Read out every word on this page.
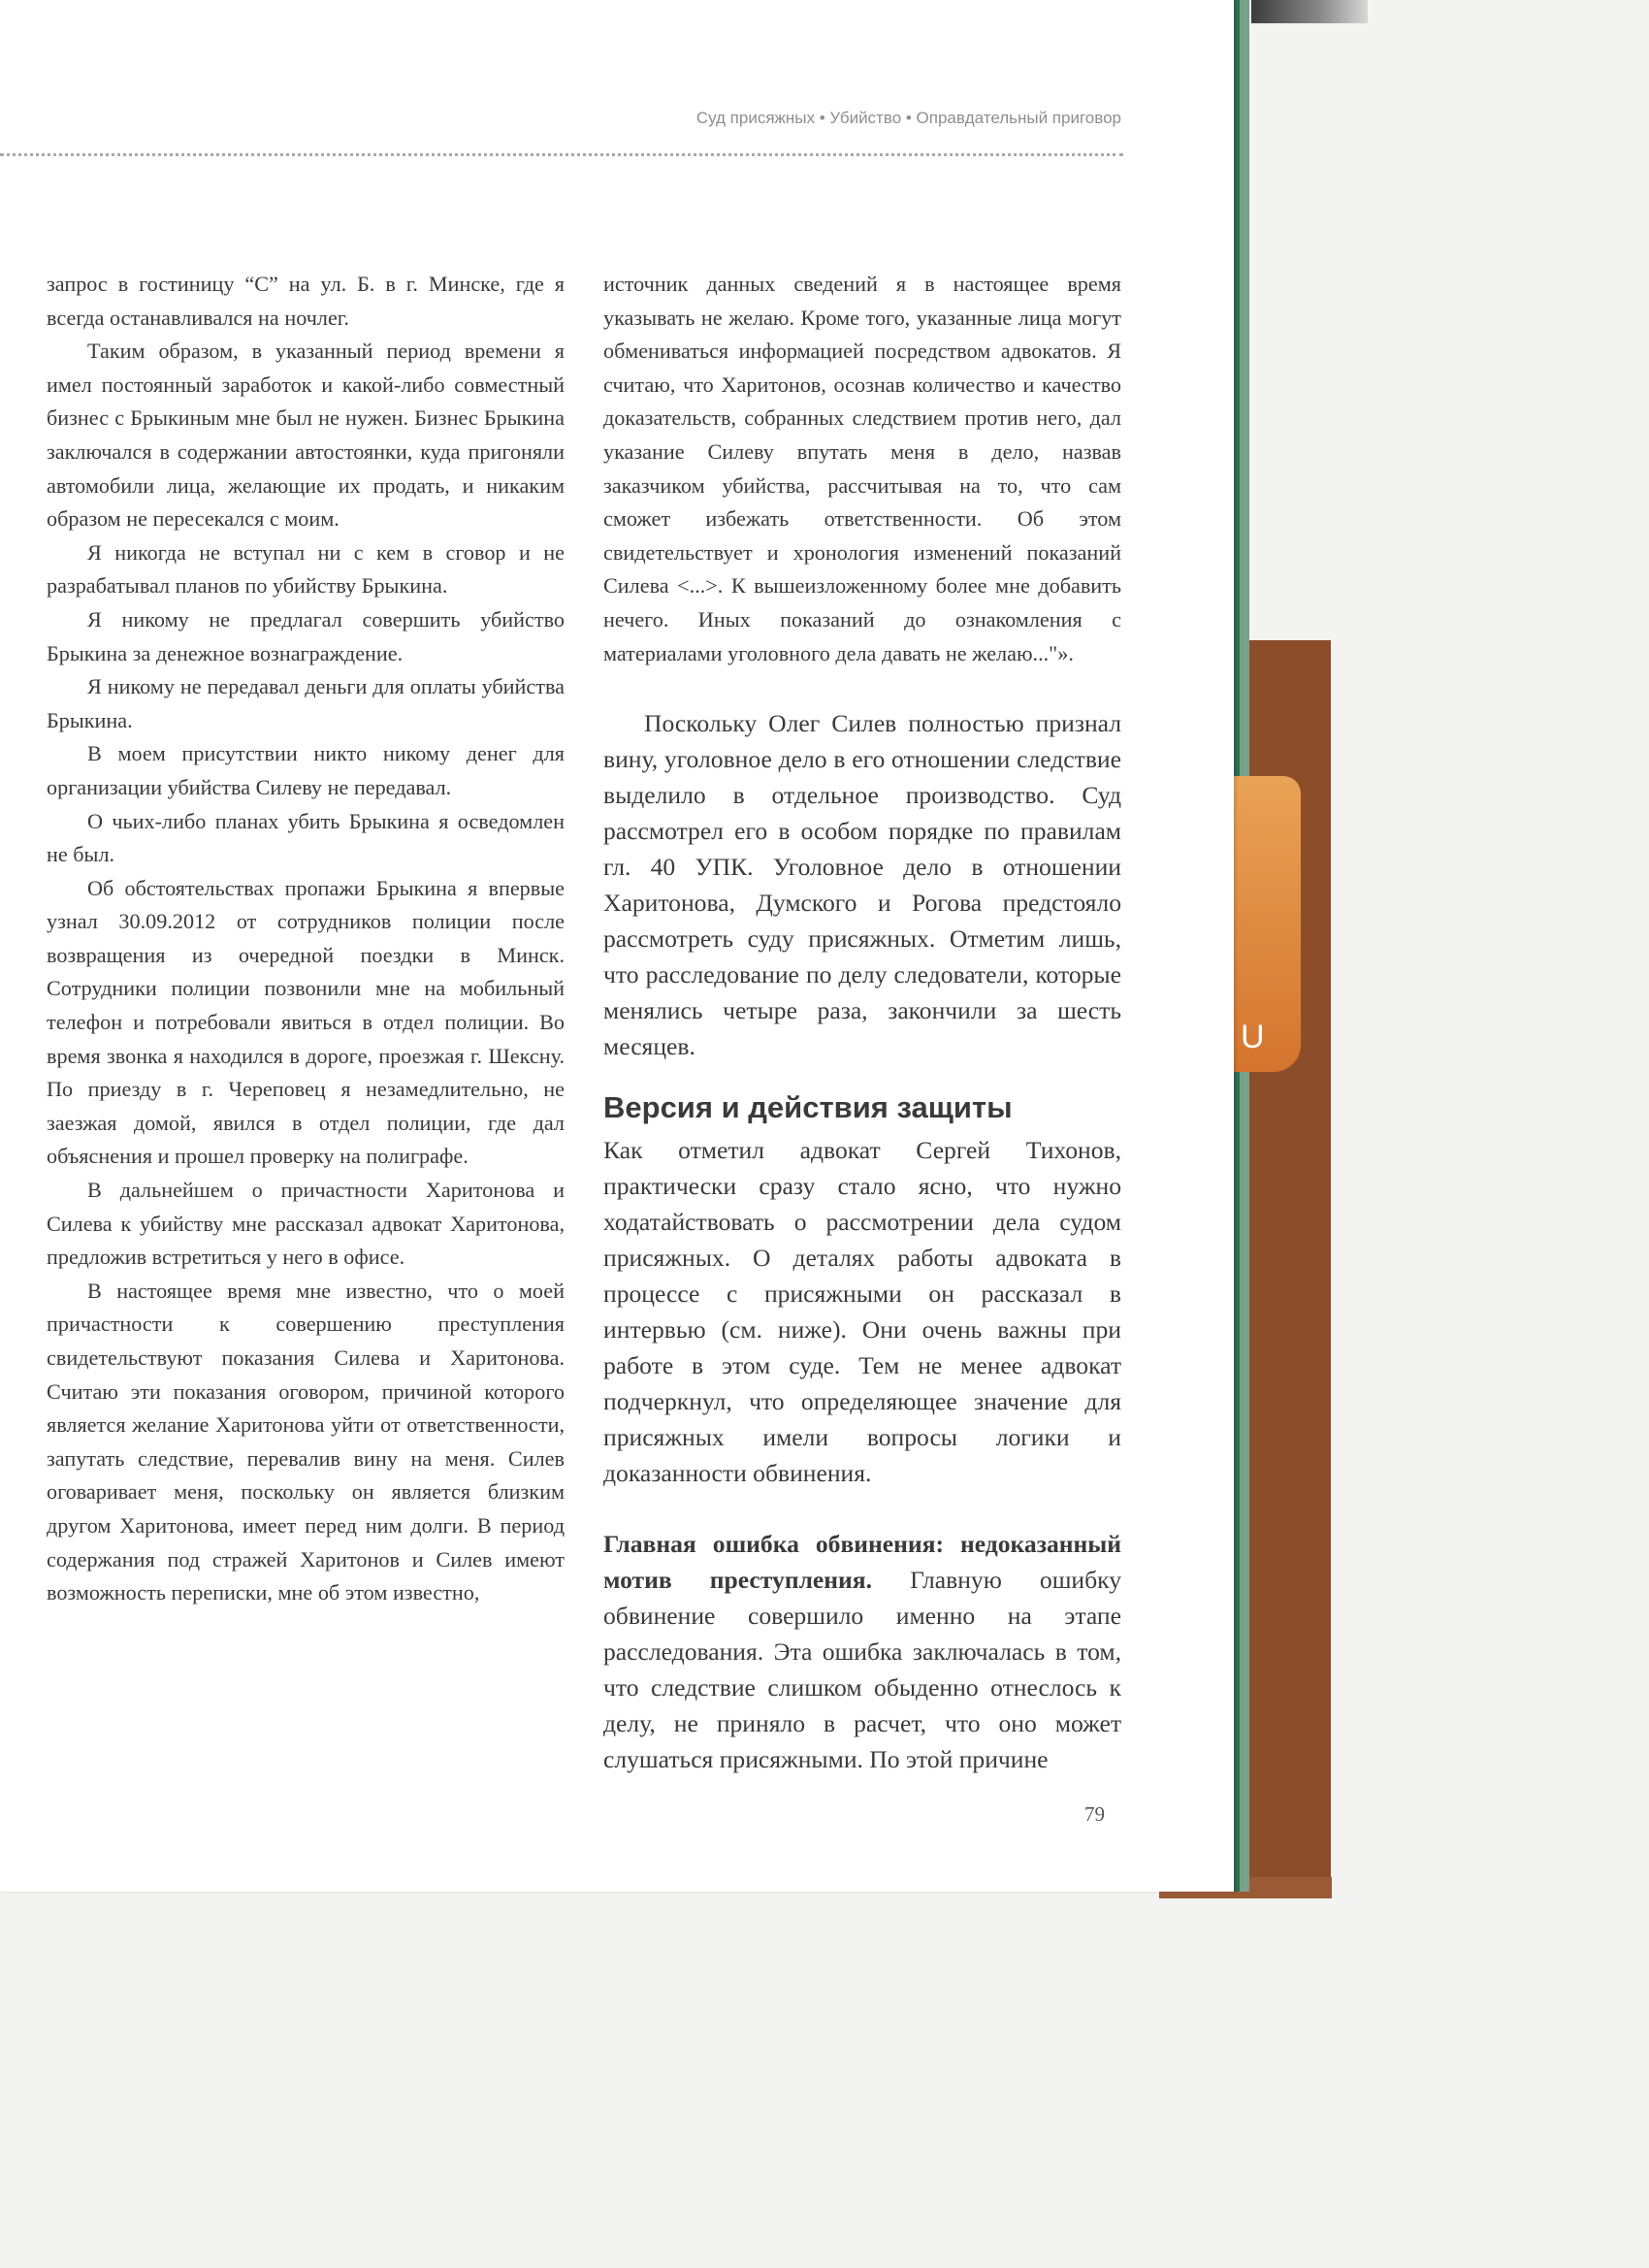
U
Суд присяжных • Убийство • Оправдательный приговор

запрос в гостиницу “С” на ул. Б. в г. Минске, где я всегда останавливался на ночлег.

Таким образом, в указанный период времени я имел постоянный заработок и какой-либо совместный бизнес с Брыкиным мне был не нужен. Бизнес Брыкина заключался в содержании автостоянки, куда пригоняли автомобили лица, желающие их продать, и никаким образом не пересекался с моим.

Я никогда не вступал ни с кем в сговор и не разрабатывал планов по убийству Брыкина.

Я никому не предлагал совершить убийство Брыкина за денежное вознаграждение.

Я никому не передавал деньги для оплаты убийства Брыкина.

В моем присутствии никто никому денег для организации убийства Силеву не передавал.

О чьих-либо планах убить Брыкина я осведомлен не был.

Об обстоятельствах пропажи Брыкина я впервые узнал 30.09.2012 от сотрудников полиции после возвращения из очередной поездки в Минск. Сотрудники полиции позвонили мне на мобильный телефон и потребовали явиться в отдел полиции. Во время звонка я находился в дороге, проезжая г. Шексну. По приезду в г. Череповец я незамедлительно, не заезжая домой, явился в отдел полиции, где дал объяснения и прошел проверку на полиграфе.

В дальнейшем о причастности Харитонова и Силева к убийству мне рассказал адвокат Харитонова, предложив встретиться у него в офисе.

В настоящее время мне известно, что о моей причастности к совершению преступления свидетельствуют показания Силева и Харитонова. Считаю эти показания оговором, причиной которого является желание Харитонова уйти от ответственности, запутать следствие, перевалив вину на меня. Силев оговаривает меня, поскольку он является близким другом Харитонова, имеет перед ним долги. В период содержания под стражей Харитонов и Силев имеют возможность переписки, мне об этом известно,

источник данных сведений я в настоящее время указывать не желаю. Кроме того, указанные лица могут обмениваться информацией посредством адвокатов. Я считаю, что Харитонов, осознав количество и качество доказательств, собранных следствием против него, дал указание Силеву впутать меня в дело, назвав заказчиком убийства, рассчитывая на то, что сам сможет избежать ответственности. Об этом свидетельствует и хронология изменений показаний Силева <...>. К вышеизложенному более мне добавить нечего. Иных показаний до ознакомления с материалами уголовного дела давать не желаю..."».

Поскольку Олег Силев полностью признал вину, уголовное дело в его отношении следствие выделило в отдельное производство. Суд рассмотрел его в особом порядке по правилам гл. 40 УПК. Уголовное дело в отношении Харитонова, Думского и Рогова предстояло рассмотреть суду присяжных. Отметим лишь, что расследование по делу следователи, которые менялись четыре раза, закончили за шесть месяцев.

Версия и действия защиты

Как отметил адвокат Сергей Тихонов, практически сразу стало ясно, что нужно ходатайствовать о рассмотрении дела судом присяжных. О деталях работы адвоката в процессе с присяжными он рассказал в интервью (см. ниже). Они очень важны при работе в этом суде. Тем не менее адвокат подчеркнул, что определяющее значение для присяжных имели вопросы логики и доказанности обвинения.

Главная ошибка обвинения: недоказанный мотив преступления. Главную ошибку обвинение совершило именно на этапе расследования. Эта ошибка заключалась в том, что следствие слишком обыденно отнеслось к делу, не приняло в расчет, что оно может слушаться присяжными. По этой причине

79
